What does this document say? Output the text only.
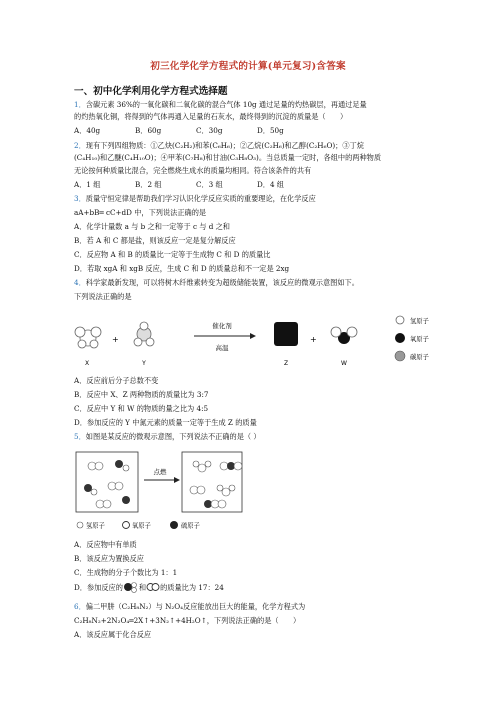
初三化学化学方程式的计算(单元复习)含答案
一、初中化学利用化学方程式选择题
1．含碳元素 36%的一氧化碳和二氧化碳的混合气体 10g 通过足量的灼热碳层，再通过足量
的灼热氧化铜，将得到的气体再通入足量的石灰水，最终得到的沉淀的质量是（　　）
A．40g	B．60g	C．30g	D．50g
2．现有下列四组物质：①乙炔(C₂H₂)和苯(C₆H₆)；②乙烷(C₂H₆)和乙醇(C₂H₆O)；③丁烷
(C₄H₁₀)和乙醚(C₄H₁₀O)；④甲苯(C₇H₈)和甘油(C₃H₈O₃)。当总质量一定时，各组中的两种物质
无论按何种质量比混合，完全燃烧生成水的质量均相同。符合该条件的共有
A．1 组	B．2 组	C．3 组	D．4 组
3．质量守恒定律是帮助我们学习认识化学反应实质的重要理论，在化学反应
aA+bB═ cC+dD 中，下列说法正确的是
A．化学计量数 a 与 b 之和一定等于 c 与 d 之和
B．若 A 和 C 都是盐，则该反应一定是复分解反应
C．反应物 A 和 B 的质量比一定等于生成物 C 和 D 的质量比
D．若取 xgA 和 xgB 反应，生成 C 和 D 的质量总和不一定是 2xg
4．科学家最新发现，可以将树木纤维素转变为超级储能装置，该反应的微观示意图如下。
下列说法正确的是
X
+
Y
催化剂
高温
Z
+
W
氢原子
氧原子
碳原子
A．反应前后分子总数不变
B．反应中 X、Z 两种物质的质量比为 3:7
C．反应中 Y 和 W 的物质的量之比为 4:5
D．参加反应的 Y 中氮元素的质量一定等于生成 Z 的质量
5．如图是某反应的微观示意图，下列说法不正确的是（ ）
点燃
氢原子	氧原子	硫原子
A．反应物中有单质
B．该反应为置换反应
C．生成物的分子个数比为 1：1
D．参加反应的 和 的质量比为 17：24
6．偏二甲肼（C₂H₈N₂）与 N₂O₄反应能放出巨大的能量，化学方程式为
C₂H₈N₂+2N₂O₄═2X↑+3N₂↑+4H₂O↑，下列说法正确的是（　　）
A．该反应属于化合反应
